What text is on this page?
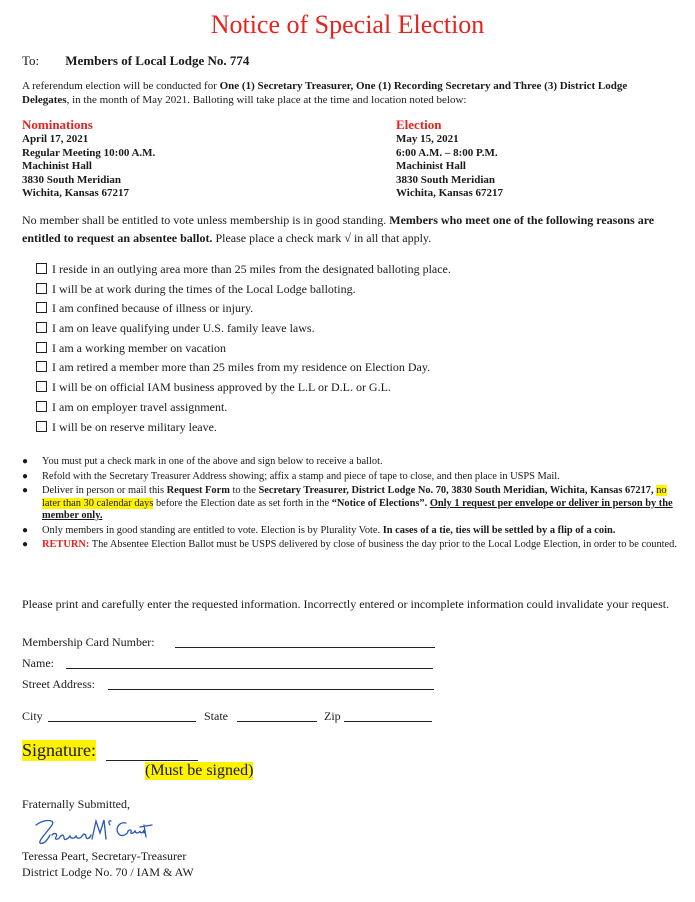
Notice of Special Election
To: Members of Local Lodge No. 774
A referendum election will be conducted for One (1) Secretary Treasurer, One (1) Recording Secretary and Three (3) District Lodge Delegates, in the month of May 2021. Balloting will take place at the time and location noted below:
Nominations
April 17, 2021
Regular Meeting 10:00 A.M.
Machinist Hall
3830 South Meridian
Wichita, Kansas 67217
Election
May 15, 2021
6:00 A.M. – 8:00 P.M.
Machinist Hall
3830 South Meridian
Wichita, Kansas 67217
No member shall be entitled to vote unless membership is in good standing. Members who meet one of the following reasons are entitled to request an absentee ballot. Please place a check mark √ in all that apply.
I reside in an outlying area more than 25 miles from the designated balloting place.
I will be at work during the times of the Local Lodge balloting.
I am confined because of illness or injury.
I am on leave qualifying under U.S. family leave laws.
I am a working member on vacation
I am retired a member more than 25 miles from my residence on Election Day.
I will be on official IAM business approved by the L.L or D.L. or G.L.
I am on employer travel assignment.
I will be on reserve military leave.
● You must put a check mark in one of the above and sign below to receive a ballot.
● Refold with the Secretary Treasurer Address showing; affix a stamp and piece of tape to close, and then place in USPS Mail.
● Deliver in person or mail this Request Form to the Secretary Treasurer, District Lodge No. 70, 3830 South Meridian, Wichita, Kansas 67217, no later than 30 calendar days before the Election date as set forth in the “Notice of Elections”. Only 1 request per envelope or deliver in person by the member only.
● Only members in good standing are entitled to vote. Election is by Plurality Vote. In cases of a tie, ties will be settled by a flip of a coin.
● RETURN: The Absentee Election Ballot must be USPS delivered by close of business the day prior to the Local Lodge Election, in order to be counted.
Please print and carefully enter the requested information. Incorrectly entered or incomplete information could invalidate your request.
Membership Card Number:
Name:
Street Address:
City	State	Zip
Signature:
(Must be signed)
Fraternally Submitted,
Teressa Peart, Secretary-Treasurer
District Lodge No. 70 / IAM & AW
